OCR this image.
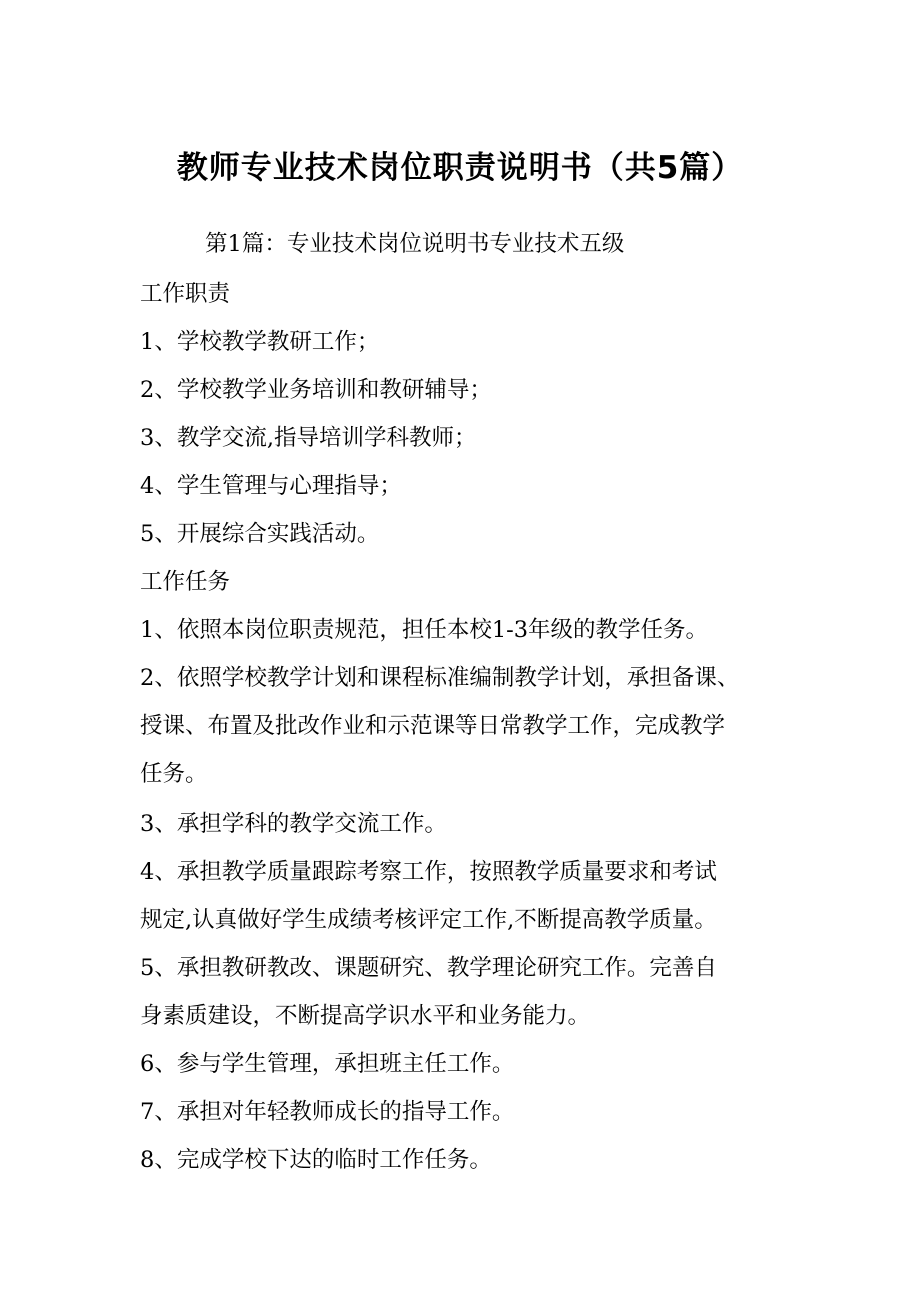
教师专业技术岗位职责说明书（共5篇）

第1篇：专业技术岗位说明书专业技术五级

工作职责

1、学校教学教研工作；

2、学校教学业务培训和教研辅导；

3、教学交流,指导培训学科教师；

4、学生管理与心理指导；

5、开展综合实践活动。

工作任务

1、依照本岗位职责规范，担任本校1-3年级的教学任务。

2、依照学校教学计划和课程标准编制教学计划，承担备课、

授课、布置及批改作业和示范课等日常教学工作，完成教学

任务。

3、承担学科的教学交流工作。

4、承担教学质量跟踪考察工作，按照教学质量要求和考试

规定,认真做好学生成绩考核评定工作,不断提高教学质量。

5、承担教研教改、课题研究、教学理论研究工作。完善自

身素质建设，不断提高学识水平和业务能力。

6、参与学生管理，承担班主任工作。

7、承担对年轻教师成长的指导工作。

8、完成学校下达的临时工作任务。
